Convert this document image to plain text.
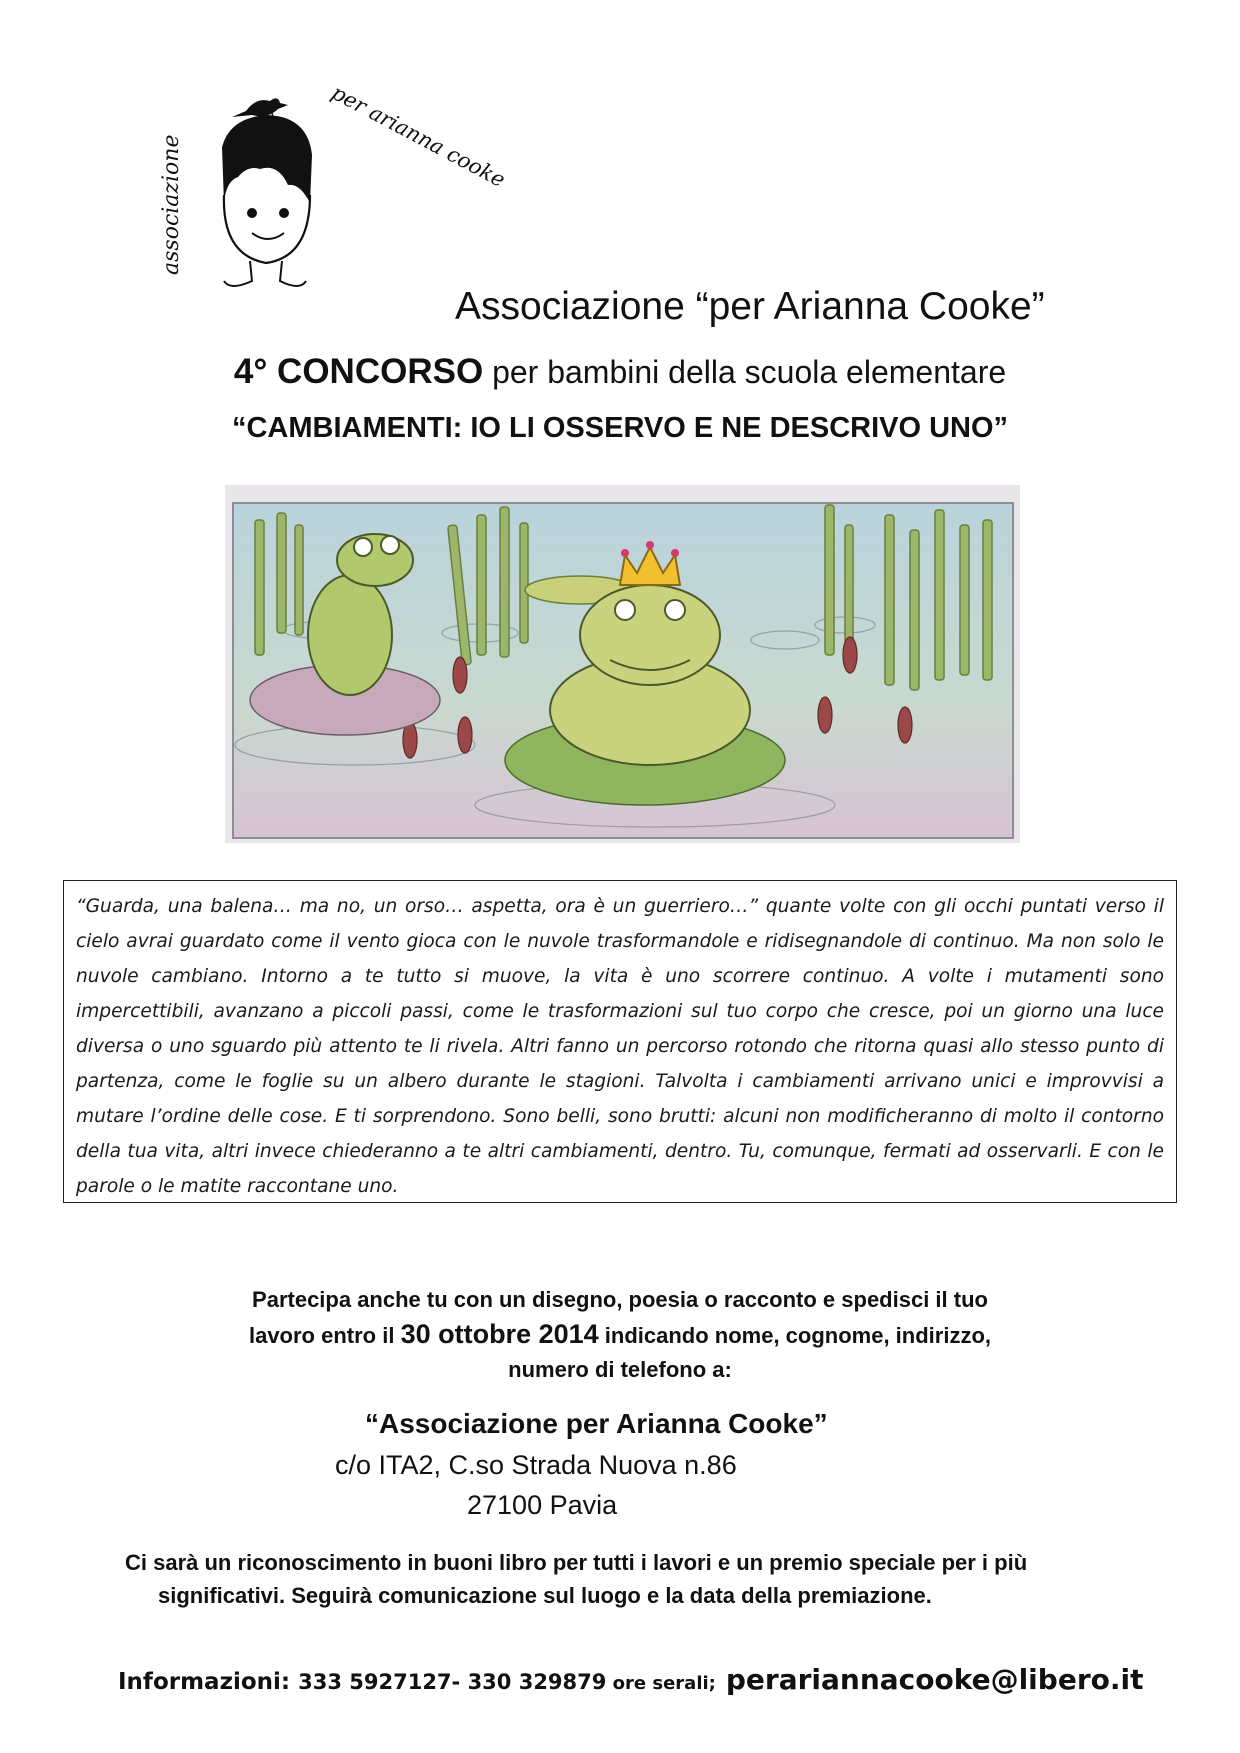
associazione	per arianna cooke
Associazione “per Arianna Cooke”
4° CONCORSO per bambini della scuola elementare
“CAMBIAMENTI: IO LI OSSERVO E NE DESCRIVO UNO”

“Guarda, una balena… ma no, un orso… aspetta, ora è un guerriero…” quante volte con gli occhi puntati verso il cielo avrai guardato come il vento gioca con le nuvole trasformandole e ridisegnandole di continuo. Ma non solo le nuvole cambiano. Intorno a te tutto si muove, la vita è uno scorrere continuo. A volte i mutamenti sono impercettibili, avanzano a piccoli passi, come le trasformazioni sul tuo corpo che cresce, poi un giorno una luce diversa o uno sguardo più attento te li rivela. Altri fanno un percorso rotondo che ritorna quasi allo stesso punto di partenza, come le foglie su un albero durante le stagioni. Talvolta i cambiamenti arrivano unici e improvvisi a mutare l’ordine delle cose. E ti sorprendono. Sono belli, sono brutti: alcuni non modificheranno di molto il contorno della tua vita, altri invece chiederanno a te altri cambiamenti, dentro. Tu, comunque, fermati ad osservarli. E con le parole o le matite raccontane uno.

Partecipa anche tu con un disegno, poesia o racconto e spedisci il tuo
lavoro entro il 30 ottobre 2014 indicando nome, cognome, indirizzo,
numero di telefono a:
“Associazione per Arianna Cooke”
c/o ITA2, C.so Strada Nuova n.86
27100 Pavia
Ci sarà un riconoscimento in buoni libro per tutti i lavori e un premio speciale per i più
significativi. Seguirà comunicazione sul luogo e la data della premiazione.
Informazioni: 333 5927127- 330 329879 ore serali; perariannacooke@libero.it
